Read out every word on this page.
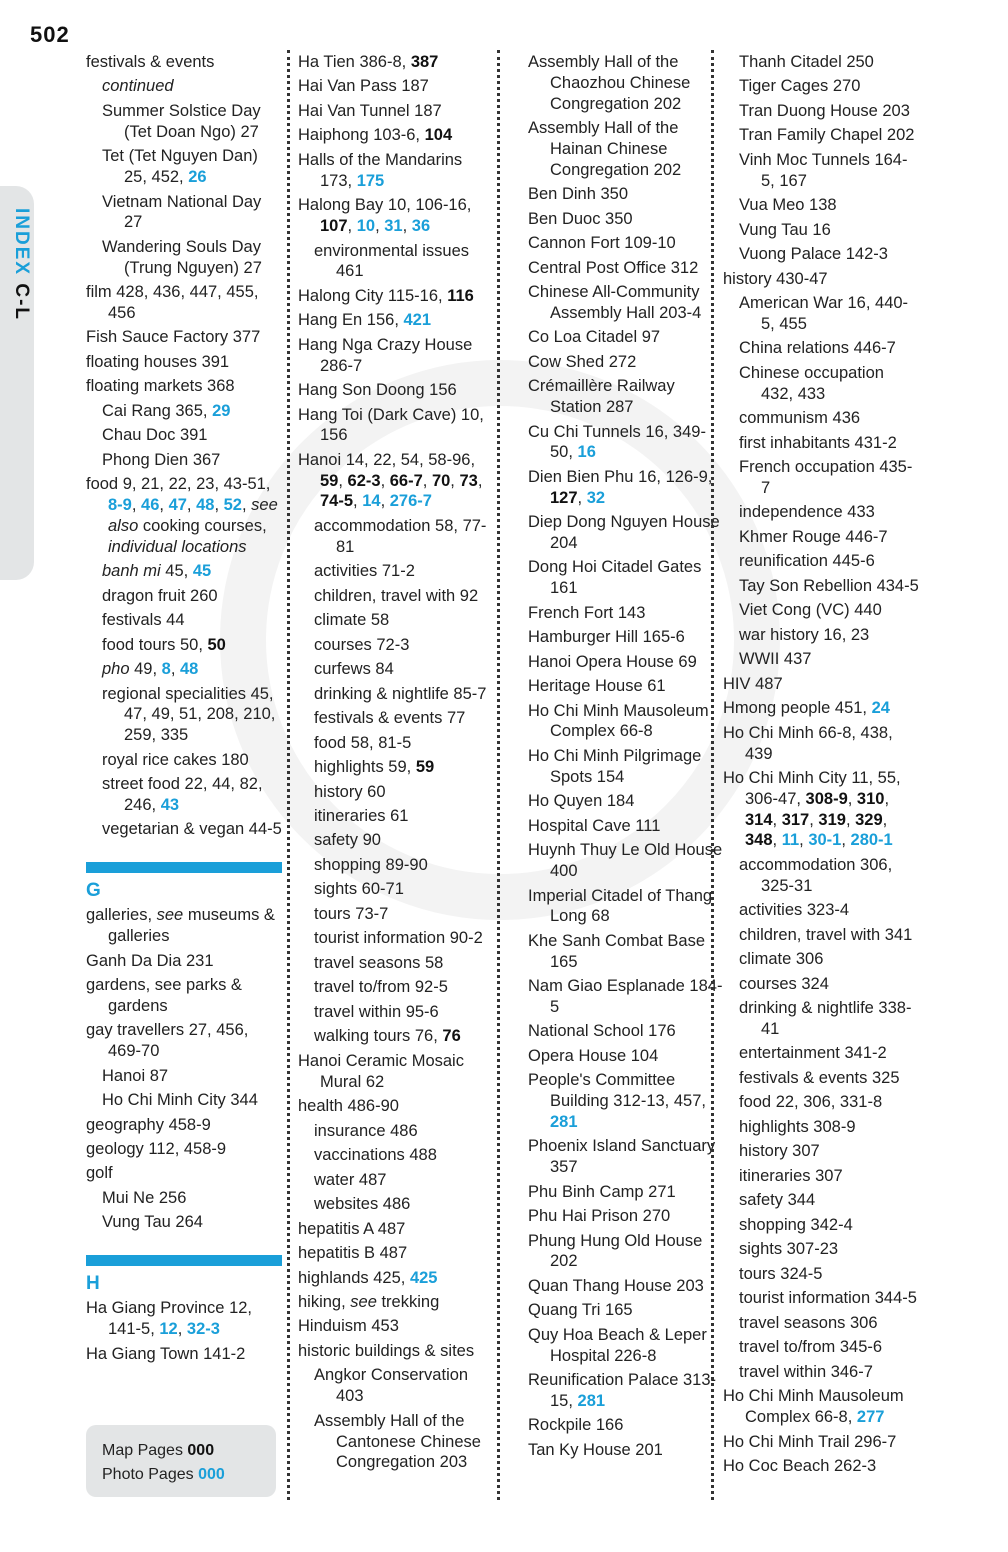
502
INDEX C-L
festivals & events
continued
Summer Solstice Day (Tet Doan Ngo) 27
Tet (Tet Nguyen Dan) 25, 452, 26
Vietnam National Day 27
Wandering Souls Day (Trung Nguyen) 27
film 428, 436, 447, 455, 456
Fish Sauce Factory 377
floating houses 391
floating markets 368
Cai Rang 365, 29
Chau Doc 391
Phong Dien 367
food 9, 21, 22, 23, 43-51, 8-9, 46, 47, 48, 52, see also cooking courses, individual locations
banh mi 45, 45
dragon fruit 260
festivals 44
food tours 50, 50
pho 49, 8, 48
regional specialities 45, 47, 49, 51, 208, 210, 259, 335
royal rice cakes 180
street food 22, 44, 82, 246, 43
vegetarian & vegan 44-5
G
galleries, see museums & galleries
Ganh Da Dia 231
gardens, see parks & gardens
gay travellers 27, 456, 469-70
Hanoi 87
Ho Chi Minh City 344
geography 458-9
geology 112, 458-9
golf
Mui Ne 256
Vung Tau 264
H
Ha Giang Province 12, 141-5, 12, 32-3
Ha Giang Town 141-2
Ha Tien 386-8, 387
Hai Van Pass 187
Hai Van Tunnel 187
Haiphong 103-6, 104
Halls of the Mandarins 173, 175
Halong Bay 10, 106-16, 107, 10, 31, 36
environmental issues 461
Halong City 115-16, 116
Hang En 156, 421
Hang Nga Crazy House 286-7
Hang Son Doong 156
Hang Toi (Dark Cave) 10, 156
Hanoi 14, 22, 54, 58-96, 59, 62-3, 66-7, 70, 73, 74-5, 14, 276-7
accommodation 58, 77-81
activities 71-2
children, travel with 92
climate 58
courses 72-3
curfews 84
drinking & nightlife 85-7
festivals & events 77
food 58, 81-5
highlights 59, 59
history 60
itineraries 61
safety 90
shopping 89-90
sights 60-71
tours 73-7
tourist information 90-2
travel seasons 58
travel to/from 92-5
travel within 95-6
walking tours 76, 76
Hanoi Ceramic Mosaic Mural 62
health 486-90
insurance 486
vaccinations 488
water 487
websites 486
hepatitis A 487
hepatitis B 487
highlands 425, 425
hiking, see trekking
Hinduism 453
historic buildings & sites
Angkor Conservation 403
Assembly Hall of the Cantonese Chinese Congregation 203
Assembly Hall of the Chaozhou Chinese Congregation 202
Assembly Hall of the Hainan Chinese Congregation 202
Ben Dinh 350
Ben Duoc 350
Cannon Fort 109-10
Central Post Office 312
Chinese All-Community Assembly Hall 203-4
Co Loa Citadel 97
Cow Shed 272
Crémaillère Railway Station 287
Cu Chi Tunnels 16, 349-50, 16
Dien Bien Phu 16, 126-9, 127, 32
Diep Dong Nguyen House 204
Dong Hoi Citadel Gates 161
French Fort 143
Hamburger Hill 165-6
Hanoi Opera House 69
Heritage House 61
Ho Chi Minh Mausoleum Complex 66-8
Ho Chi Minh Pilgrimage Spots 154
Ho Quyen 184
Hospital Cave 111
Huynh Thuy Le Old House 400
Imperial Citadel of Thang Long 68
Khe Sanh Combat Base 165
Nam Giao Esplanade 184-5
National School 176
Opera House 104
People's Committee Building 312-13, 457, 281
Phoenix Island Sanctuary 357
Phu Binh Camp 271
Phu Hai Prison 270
Phung Hung Old House 202
Quan Thang House 203
Quang Tri 165
Quy Hoa Beach & Leper Hospital 226-8
Reunification Palace 313-15, 281
Rockpile 166
Tan Ky House 201
Thanh Citadel 250
Tiger Cages 270
Tran Duong House 203
Tran Family Chapel 202
Vinh Moc Tunnels 164-5, 167
Vua Meo 138
Vung Tau 16
Vuong Palace 142-3
history 430-47
American War 16, 440-5, 455
China relations 446-7
Chinese occupation 432, 433
communism 436
first inhabitants 431-2
French occupation 435-7
independence 433
Khmer Rouge 446-7
reunification 445-6
Tay Son Rebellion 434-5
Viet Cong (VC) 440
war history 16, 23
WWII 437
HIV 487
Hmong people 451, 24
Ho Chi Minh 66-8, 438, 439
Ho Chi Minh City 11, 55, 306-47, 308-9, 310, 314, 317, 319, 329, 348, 11, 30-1, 280-1
accommodation 306, 325-31
activities 323-4
children, travel with 341
climate 306
courses 324
drinking & nightlife 338-41
entertainment 341-2
festivals & events 325
food 22, 306, 331-8
highlights 308-9
history 307
itineraries 307
safety 344
shopping 342-4
sights 307-23
tours 324-5
tourist information 344-5
travel seasons 306
travel to/from 345-6
travel within 346-7
Ho Chi Minh Mausoleum Complex 66-8, 277
Ho Chi Minh Trail 296-7
Ho Coc Beach 262-3
Map Pages 000
Photo Pages 000
